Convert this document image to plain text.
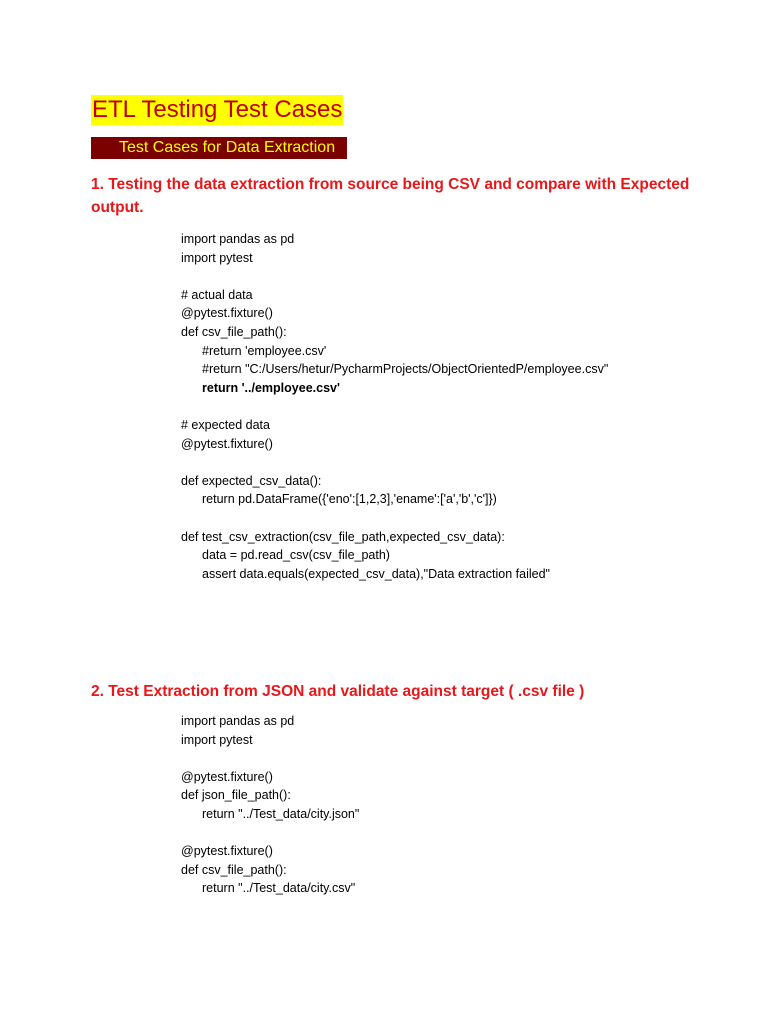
ETL Testing Test Cases
Test Cases for Data Extraction
1. Testing the data extraction from source being CSV and compare with Expected output.
import pandas as pd
import pytest
# actual data
@pytest.fixture()
def csv_file_path():
#return 'employee.csv'
#return "C:/Users/hetur/PycharmProjects/ObjectOrientedP/employee.csv"
return '../employee.csv'
# expected data
@pytest.fixture()
def expected_csv_data():
return pd.DataFrame({'eno':[1,2,3],'ename':['a','b','c']})
def test_csv_extraction(csv_file_path,expected_csv_data):
data = pd.read_csv(csv_file_path)
assert data.equals(expected_csv_data),"Data extraction failed"
2. Test Extraction from JSON and validate against target ( .csv file )
import pandas as pd
import pytest
@pytest.fixture()
def json_file_path():
return "../Test_data/city.json"
@pytest.fixture()
def csv_file_path():
return "../Test_data/city.csv"
